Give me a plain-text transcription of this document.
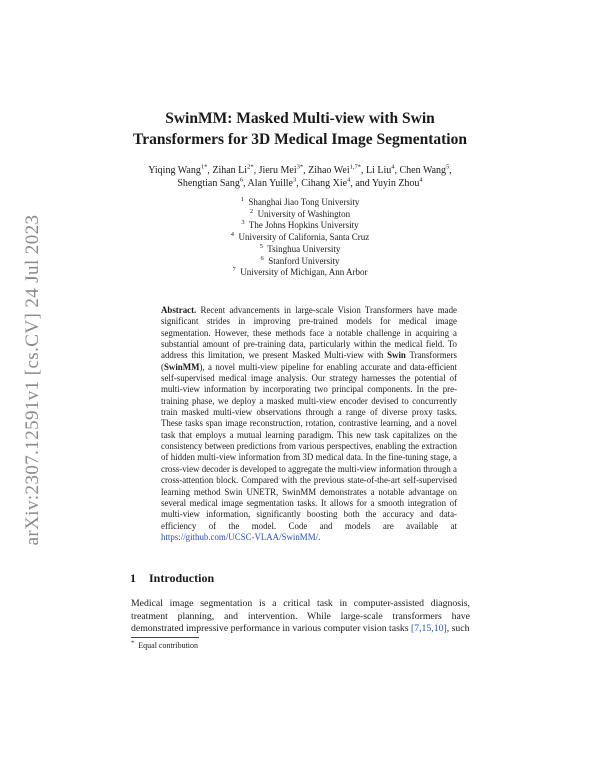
arXiv:2307.12591v1 [cs.CV] 24 Jul 2023
SwinMM: Masked Multi-view with Swin
Transformers for 3D Medical Image Segmentation
Yiqing Wang$^{1*}$, Zihan $Li^{2*}$, Jieru Mei$^{3*}$, Zihao Wei$^{1,7*}$, Li Liu$^4$, Chen Wang$^5$,
Shengtian Sang$^6$, Alan Yuille$^3$, Cihang Xie$^4$, and Yuyin Zhou$^4$
$^1$ Shanghai Jiao Tong University
$^2$ University of Washington
$^3$ The Johns Hopkins University
$^4$ University of California, Santa Cruz
$^5$ Tsinghua University
$^6$ Stanford University
$^7$ University of Michigan, Ann Arbor
Abstract. Recent advancements in large-scale Vision Transformers have made significant strides in improving pre-trained models for medical image segmentation. However, these methods face a notable challenge in acquiring a substantial amount of pre-training data, particularly within the medical field. To address this limitation, we present Masked Multi-view with Swin Transformers (SwinMM), a novel multi-view pipeline for enabling accurate and data-efficient self-supervised medical image analysis. Our strategy harnesses the potential of multi-view information by incorporating two principal components. In the pre-training phase, we deploy a masked multi-view encoder devised to concurrently train masked multi-view observations through a range of diverse proxy tasks. These tasks span image reconstruction, rotation, contrastive learning, and a novel task that employs a mutual learning paradigm. This new task capitalizes on the consistency between predictions from various perspectives, enabling the extraction of hidden multi-view information from 3D medical data. In the fine-tuning stage, a cross-view decoder is developed to aggregate the multi-view information through a cross-attention block. Compared with the previous state-of-the-art self-supervised learning method Swin UNETR, SwinMM demonstrates a notable advantage on several medical image segmentation tasks. It allows for a smooth integration of multi-view information, significantly boosting both the accuracy and data-efficiency of the model. Code and models are available at https://github.com/UCSC-VLAA/SwinMM/.
1 Introduction
Medical image segmentation is a critical task in computer-assisted diagnosis, treatment planning, and intervention. While large-scale transformers have demonstrated impressive performance in various computer vision tasks [7,15,10], such
* Equal contribution
